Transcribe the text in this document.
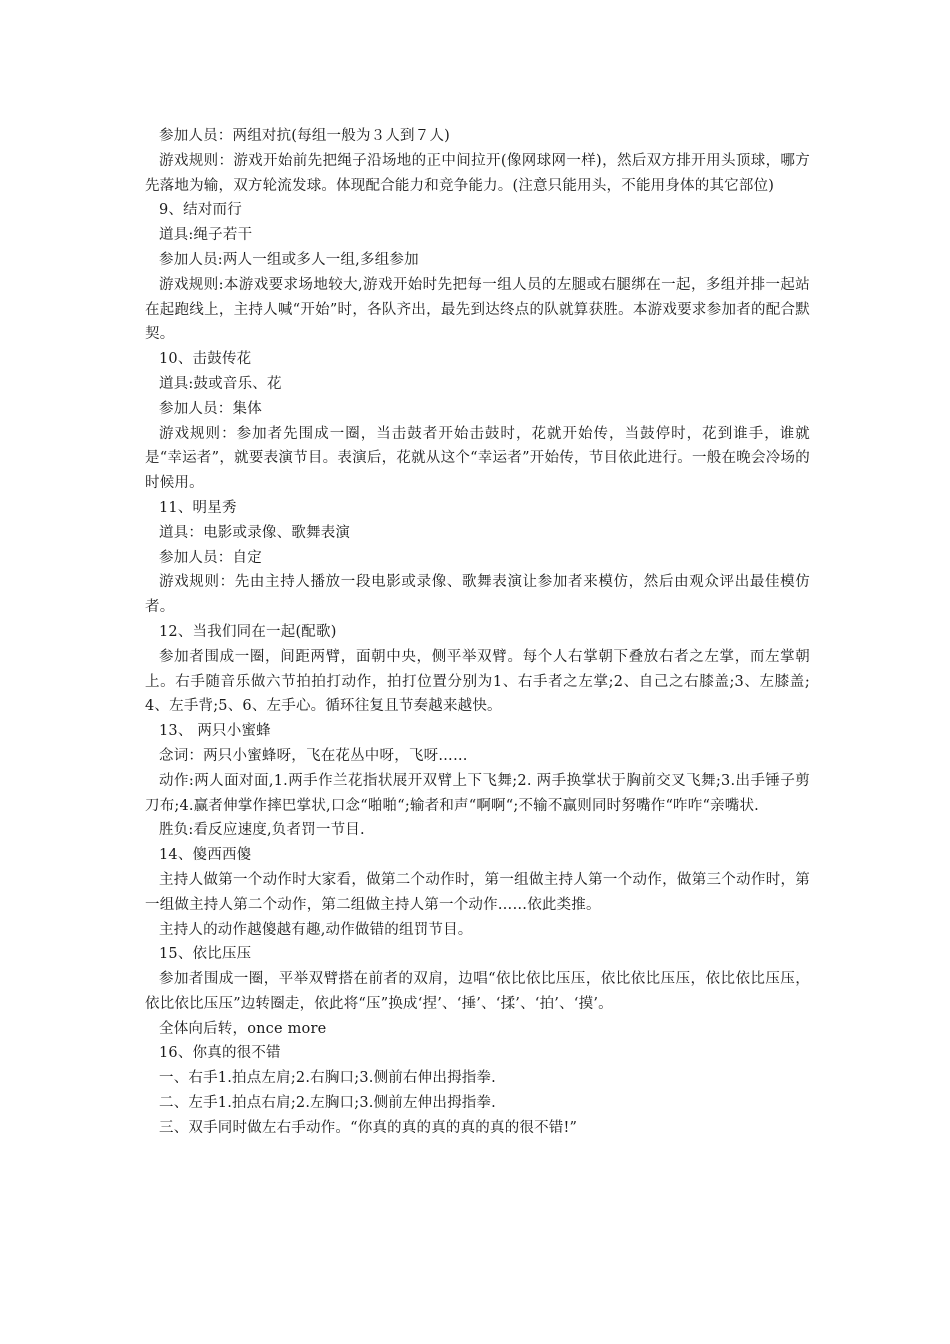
参加人员：两组对抗(每组一般为３人到７人)

游戏规则：游戏开始前先把绳子沿场地的正中间拉开(像网球网一样)，然后双方排开用头顶球，哪方先落地为输，双方轮流发球。体现配合能力和竞争能力。(注意只能用头，不能用身体的其它部位)

9、结对而行

道具:绳子若干

参加人员:两人一组或多人一组,多组参加

游戏规则:本游戏要求场地较大,游戏开始时先把每一组人员的左腿或右腿绑在一起，多组并排一起站在起跑线上，主持人喊“开始”时，各队齐出，最先到达终点的队就算获胜。本游戏要求参加者的配合默契。

10、击鼓传花

道具:鼓或音乐、花

参加人员：集体

游戏规则：参加者先围成一圈，当击鼓者开始击鼓时，花就开始传，当鼓停时，花到谁手，谁就是“幸运者”，就要表演节目。表演后，花就从这个“幸运者”开始传，节目依此进行。一般在晚会冷场的时候用。

11、明星秀

道具：电影或录像、歌舞表演

参加人员：自定

游戏规则：先由主持人播放一段电影或录像、歌舞表演让参加者来模仿，然后由观众评出最佳模仿者。

12、当我们同在一起(配歌)

参加者围成一圈，间距两臂，面朝中央，侧平举双臂。每个人右掌朝下叠放右者之左掌，而左掌朝上。右手随音乐做六节拍拍打动作，拍打位置分别为1、右手者之左掌;2、自己之右膝盖;3、左膝盖;4、左手背;5、6、左手心。循环往复且节奏越来越快。

13、 两只小蜜蜂

念词：两只小蜜蜂呀，飞在花丛中呀，飞呀……

动作:两人面对面,1.两手作兰花指状展开双臂上下飞舞;2. 两手换掌状于胸前交叉飞舞;3.出手锤子剪刀布;4.赢者伸掌作摔巴掌状,口念“啪啪“;输者和声“啊啊“;不输不赢则同时努嘴作“咋咋“亲嘴状.

胜负:看反应速度,负者罚一节目.

14、傻西西傻

主持人做第一个动作时大家看，做第二个动作时，第一组做主持人第一个动作，做第三个动作时，第一组做主持人第二个动作，第二组做主持人第一个动作……依此类推。

主持人的动作越傻越有趣,动作做错的组罚节目。

15、依比压压

参加者围成一圈，平举双臂搭在前者的双肩，边唱“依比依比压压，依比依比压压，依比依比压压，依比依比压压”边转圈走，依此将“压”换成‘捏’、‘捶’、‘揉’、‘拍’、‘摸’。

全体向后转，once more

16、你真的很不错

一、右手1.拍点左肩;2.右胸口;3.侧前右伸出拇指拳.

二、左手1.拍点右肩;2.左胸口;3.侧前左伸出拇指拳.

三、双手同时做左右手动作。“你真的真的真的真的真的很不错!”
